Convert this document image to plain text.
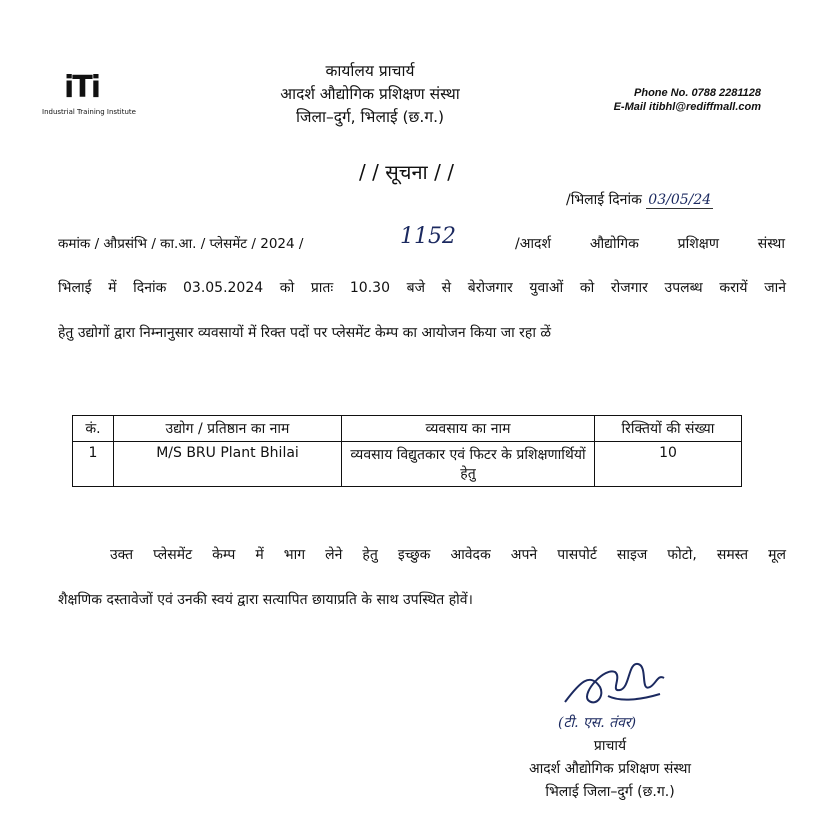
iTi
Industrial Training Institute
कार्यालय प्राचार्य
आदर्श औद्योगिक प्रशिक्षण संस्था
जिला–दुर्ग, भिलाई (छ.ग.)
Phone No. 0788 2281128
E-Mail itibhl@rediffmall.com
/ / सूचना / /
/भिलाई दिनांक 03/05/24
कमांक / औप्रसंभि / का.आ. / प्लेसमेंट / 2024 /	1152	/आदर्श औद्योगिक प्रशिक्षण संस्था
भिलाई में दिनांक 03.05.2024 को प्रातः 10.30 बजे से बेरोजगार युवाओं को रोजगार उपलब्ध करायें जाने
हेतु उद्योगों द्वारा निम्नानुसार व्यवसायों में रिक्त पदों पर प्लेसमेंट केम्प का आयोजन किया जा रहा ळें
कं.	उद्योग / प्रतिष्ठान का नाम	व्यवसाय का नाम	रिक्तियों की संख्या
1	M/S BRU Plant Bhilai	व्यवसाय विद्युतकार एवं फिटर के प्रशिक्षणार्थियों हेतु	10
उक्त प्लेसमेंट केम्प में भाग लेने हेतु इच्छुक आवेदक अपने पासपोर्ट साइज फोटो, समस्त मूल
शैक्षणिक दस्तावेजों एवं उनकी स्वयं द्वारा सत्यापित छायाप्रति के साथ उपस्थित होवें।
(टी. एस. तंवर)
प्राचार्य
आदर्श औद्योगिक प्रशिक्षण संस्था
भिलाई जिला–दुर्ग (छ.ग.)
